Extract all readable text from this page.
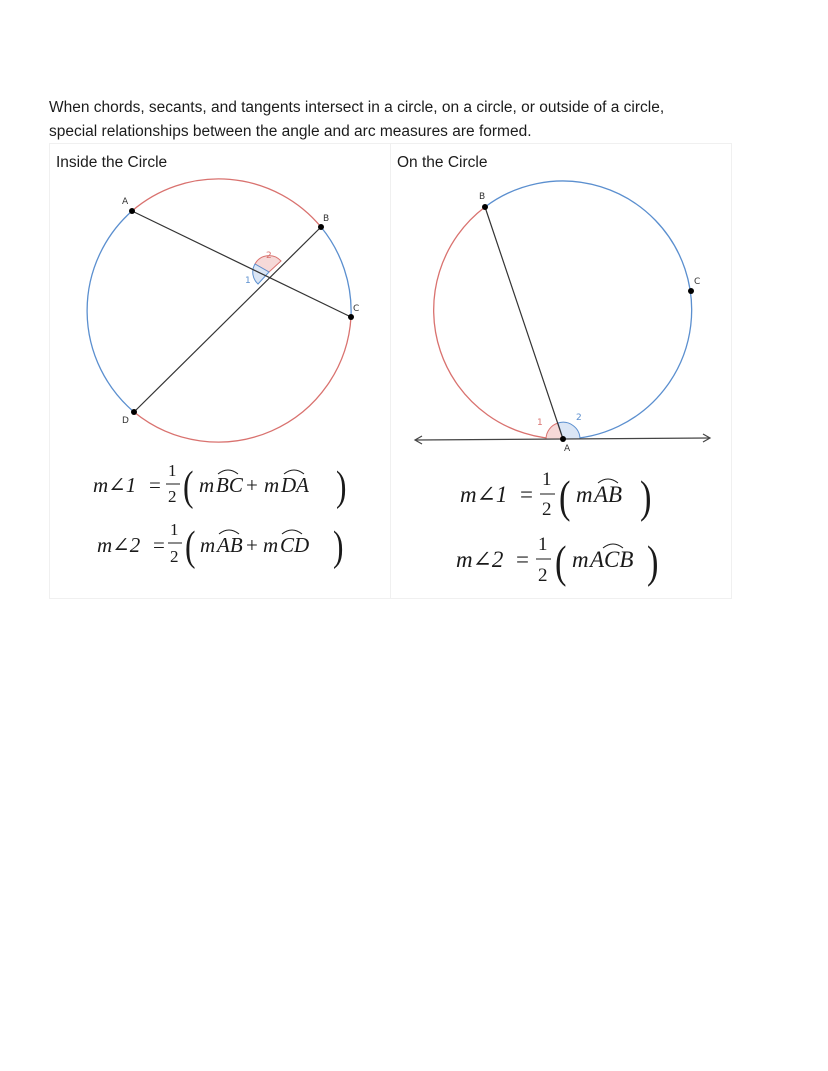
When chords, secants, and tangents intersect in a circle, on a circle, or outside of a circle,

special relationships between the angle and arc measures are formed.

Inside the Circle
A
B
C
D
1
2
m∠1 =
1
2 ( m BC + m DA )
m∠2 =
1
2 ( m AB + m CD )
On the Circle
A
B
C
1	2
m∠1 =
1
2 ( m AB )
m∠2 =
1
2 ( m ACB )
